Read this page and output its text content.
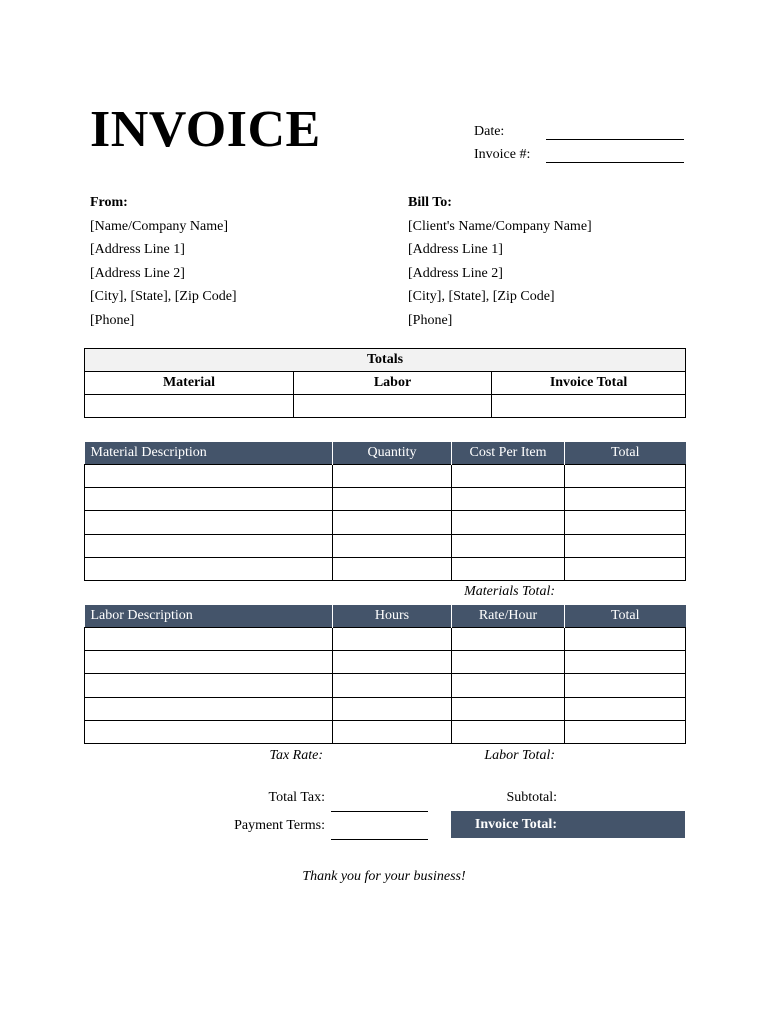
INVOICE	Date:
Invoice #:
From:
[Name/Company Name]
[Address Line 1]
[Address Line 2]
[City], [State], [Zip Code]
[Phone]
Bill To:
[Client's Name/Company Name]
[Address Line 1]
[Address Line 2]
[City], [State], [Zip Code]
[Phone]
Totals		
Material	Labor	Invoice Total

Material Description	Quantity	Cost Per Item	Total

Materials Total:
Labor Description	Hours	Rate/Hour	Total

Tax Rate:	Labor Total:
Total Tax:	Subtotal:
Payment Terms:	Invoice Total:
Thank you for your business!
